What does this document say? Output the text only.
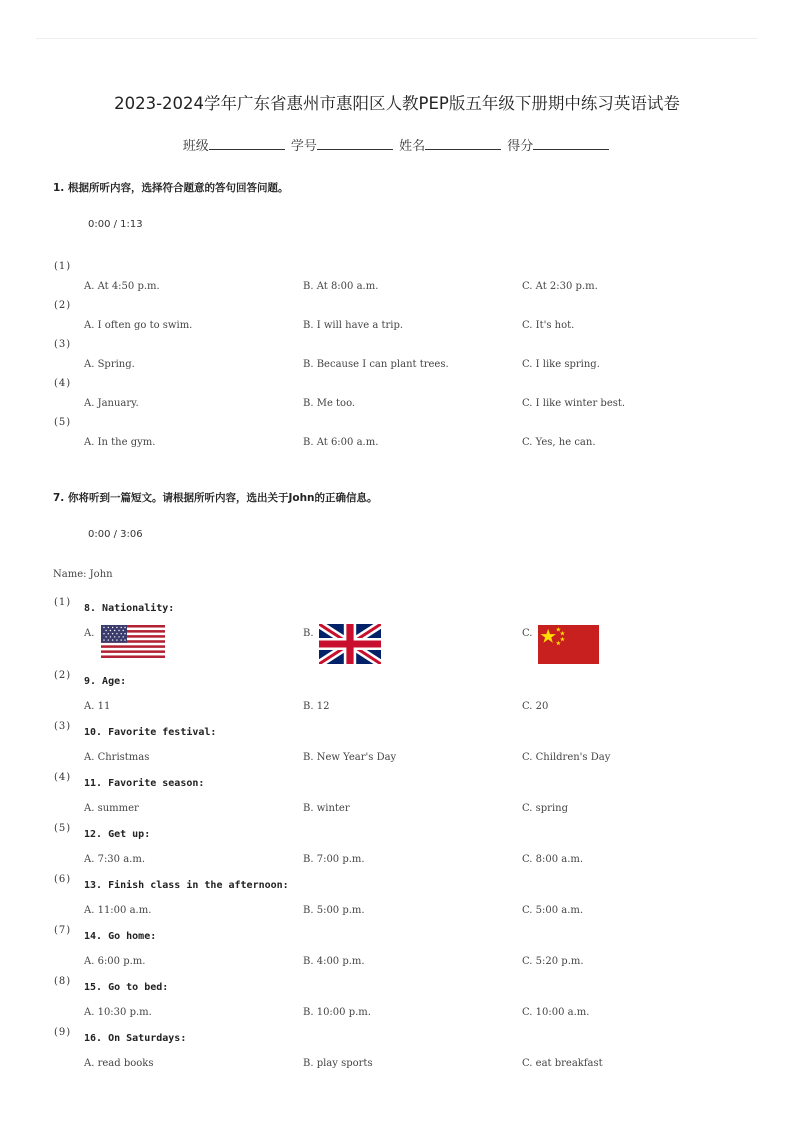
2023-2024学年广东省惠州市惠阳区人教PEP版五年级下册期中练习英语试卷
班级	学号	姓名	得分
1. 根据所听内容，选择符合题意的答句回答问题。
0:00 / 1:13
(1)
A. At 4:50 p.m.	B. At 8:00 a.m.	C. At 2:30 p.m.
(2)
A. I often go to swim.	B. I will have a trip.	C. It's hot.
(3)
A. Spring.	B. Because I can plant trees.	C. I like spring.
(4)
A. January.	B. Me too.	C. I like winter best.
(5)
A. In the gym.	B. At 6:00 a.m.	C. Yes, he can.
7. 你将听到一篇短文。请根据所听内容，选出关于John的正确信息。
0:00 / 3:06
Name: John
(1)
8. Nationality:
A.	B.	C.
(2)
9. Age:
A. 11	B. 12	C. 20
(3)
10. Favorite festival:
A. Christmas	B. New Year's Day	C. Children's Day
(4)
11. Favorite season:
A. summer	B. winter	C. spring
(5)
12. Get up:
A. 7:30 a.m.	B. 7:00 p.m.	C. 8:00 a.m.
(6)
13. Finish class in the afternoon:
A. 11:00 a.m.	B. 5:00 p.m.	C. 5:00 a.m.
(7)
14. Go home:
A. 6:00 p.m.	B. 4:00 p.m.	C. 5:20 p.m.
(8)
15. Go to bed:
A. 10:30 p.m.	B. 10:00 p.m.	C. 10:00 a.m.
(9)
16. On Saturdays:
A. read books	B. play sports	C. eat breakfast
